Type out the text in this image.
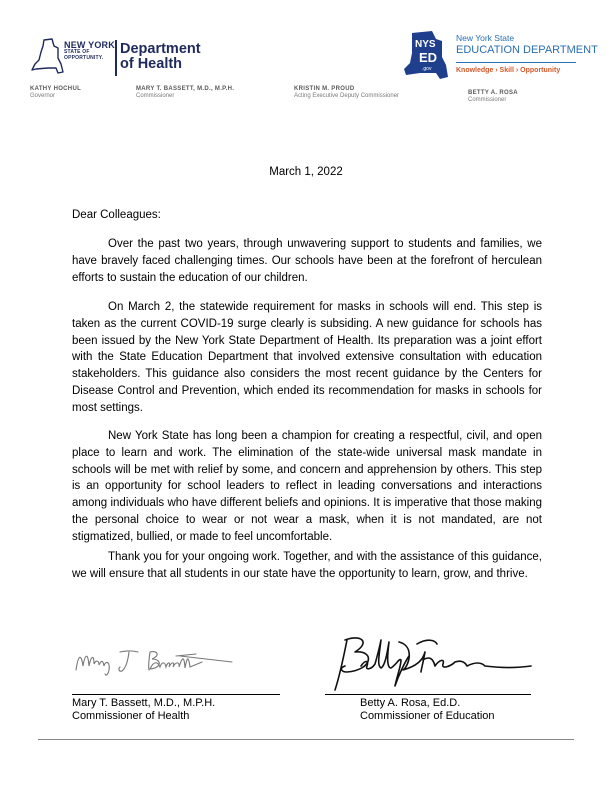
NEW YORK
STATE OF
OPPORTUNITY.
Department of Health
KATHY HOCHUL
Governor
MARY T. BASSETT, M.D., M.P.H.
Commissioner
KRISTIN M. PROUD
Acting Executive Deputy Commissioner	BETTY A. ROSA
Commissioner
NYS
ED
.gov
New York State
EDUCATION DEPARTMENT
Knowledge › Skill › Opportunity
March 1, 2022
Dear Colleagues:

Over the past two years, through unwavering support to students and families, we have bravely faced challenging times. Our schools have been at the forefront of herculean efforts to sustain the education of our children.

On March 2, the statewide requirement for masks in schools will end. This step is taken as the current COVID-19 surge clearly is subsiding. A new guidance for schools has been issued by the New York State Department of Health. Its preparation was a joint effort with the State Education Department that involved extensive consultation with education stakeholders. This guidance also considers the most recent guidance by the Centers for Disease Control and Prevention, which ended its recommendation for masks in schools for most settings.

New York State has long been a champion for creating a respectful, civil, and open place to learn and work. The elimination of the state-wide universal mask mandate in schools will be met with relief by some, and concern and apprehension by others. This step is an opportunity for school leaders to reflect in leading conversations and interactions among individuals who have different beliefs and opinions. It is imperative that those making the personal choice to wear or not wear a mask, when it is not mandated, are not stigmatized, bullied, or made to feel uncomfortable.

Thank you for your ongoing work. Together, and with the assistance of this guidance, we will ensure that all students in our state have the opportunity to learn, grow, and thrive.

Mary T. Bassett, M.D., M.P.H.
Commissioner of Health
Betty A. Rosa, Ed.D.
Commissioner of Education
